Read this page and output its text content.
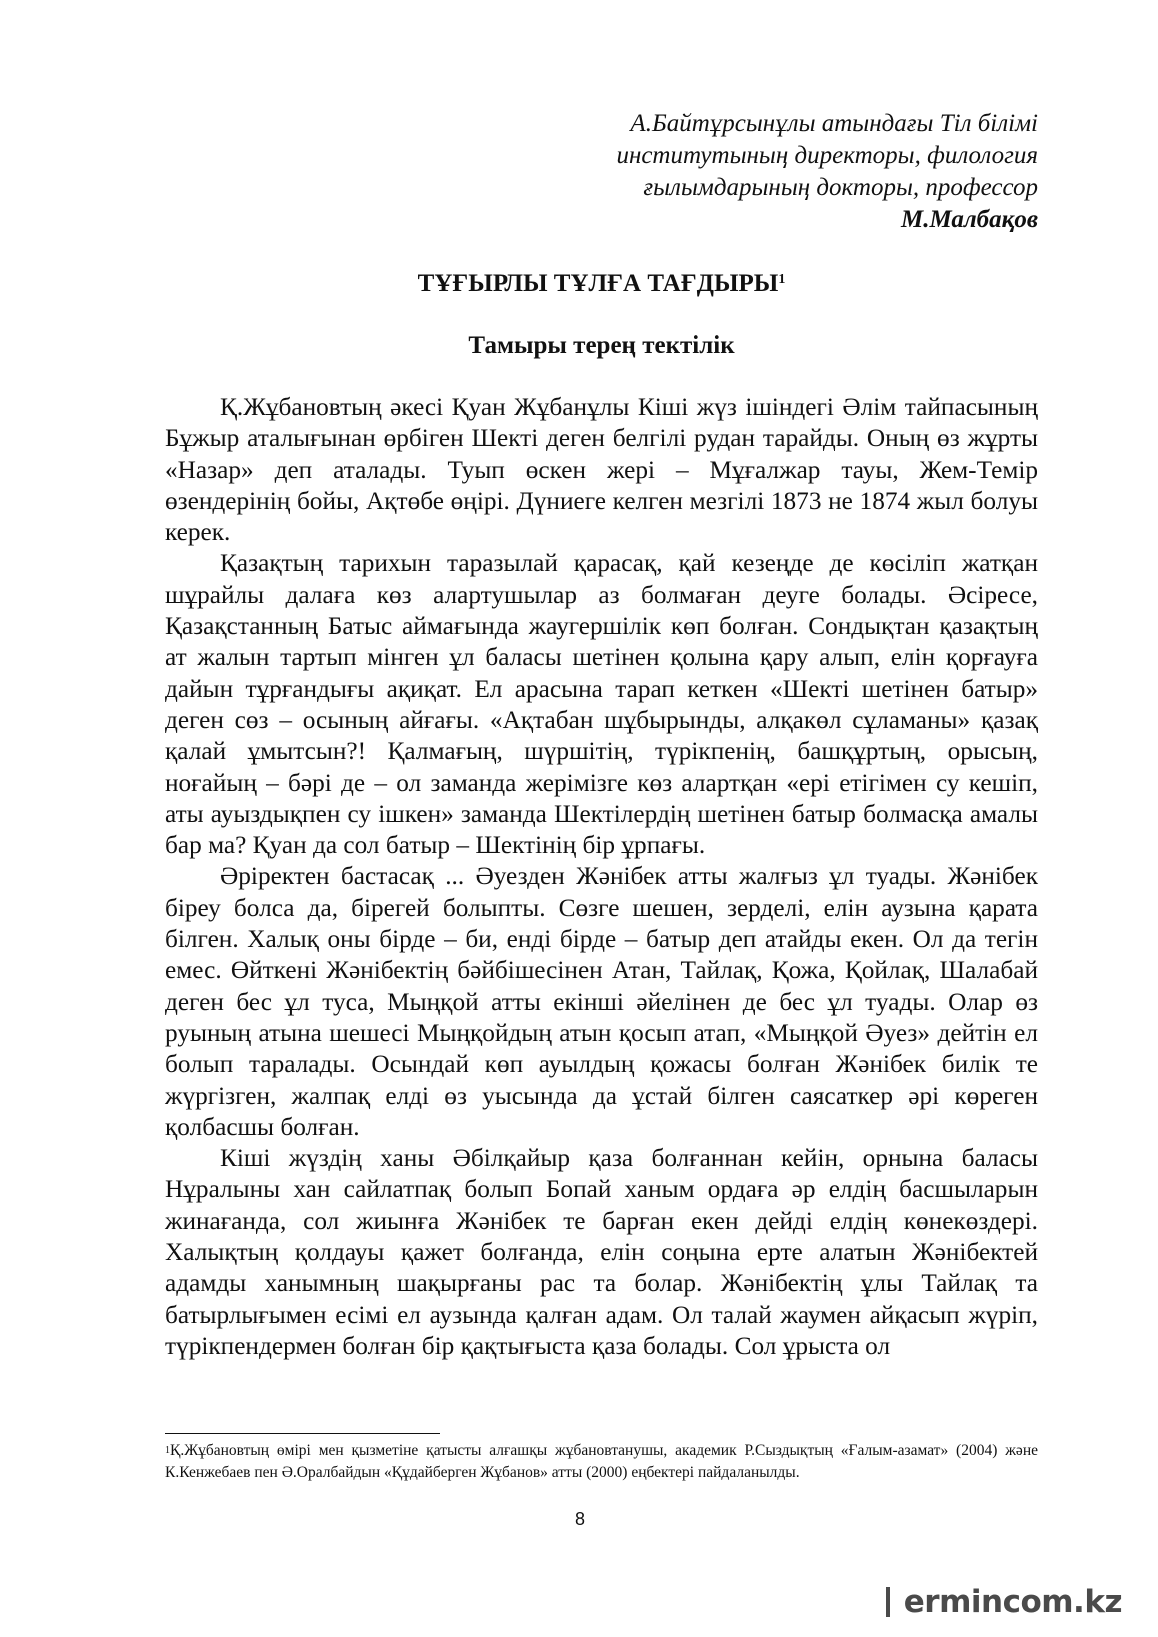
А.Байтұрсынұлы атындағы Тіл білімі
институтының директоры, филология
ғылымдарының докторы, профессор
М.Малбақов
ТҰҒЫРЛЫ ТҰЛҒА ТАҒДЫРЫ$^1$
Тамыры терең тектілік

Қ.Жұбановтың әкесі Қуан Жұбанұлы Кіші жүз ішіндегі Әлім тайпасының Бұжыр аталығынан өрбіген Шекті деген белгілі рудан тарайды. Оның өз жұрты «Назар» деп аталады. Туып өскен жері – Мұғалжар тауы, Жем-Темір өзендерінің бойы, Ақтөбе өңірі. Дүниеге келген мезгілі 1873 не 1874 жыл болуы керек.

Қазақтың тарихын таразылай қарасақ, қай кезеңде де көсіліп жатқан шұрайлы далаға көз алартушылар аз болмаған деуге болады. Әсіресе, Қазақстанның Батыс аймағында жаугершілік көп болған. Сондықтан қазақтың ат жалын тартып мінген ұл баласы шетінен қолына қару алып, елін қорғауға дайын тұрғандығы ақиқат. Ел арасына тарап кеткен «Шекті шетінен батыр» деген сөз – осының айғағы. «Ақтабан шұбырынды, алқакөл сұламаны» қазақ қалай ұмытсын?! Қалмағың, шүршітің, түрікпенің, башқұртың, орысың, ноғайың – бәрі де – ол заманда жерімізге көз алартқан «ері етігімен су кешіп, аты ауыздықпен су ішкен» заманда Шектілердің шетінен батыр болмасқа амалы бар ма? Қуан да сол батыр – Шектінің бір ұрпағы.

Әріректен бастасақ ... Әуезден Жәнібек атты жалғыз ұл туады. Жәнібек біреу болса да, бірегей болыпты. Сөзге шешен, зерделі, елін аузына қарата білген. Халық оны бірде – би, енді бірде – батыр деп атайды екен. Ол да тегін емес. Өйткені Жәнібектің бәйбішесінен Атан, Тайлақ, Қожа, Қойлақ, Шалабай деген бес ұл туса, Мыңқой атты екінші әйелінен де бес ұл туады. Олар өз руының атына шешесі Мыңқойдың атын қосып атап, «Мыңқой Әуез» дейтін ел болып таралады. Осындай көп ауылдың қожасы болған Жәнібек билік те жүргізген, жалпақ елді өз уысында да ұстай білген саясаткер әрі көреген қолбасшы болған.

Кіші жүздің ханы Әбілқайыр қаза болғаннан кейін, орнына баласы Нұралыны хан сайлатпақ болып Бопай ханым ордаға әр елдің басшыларын жинағанда, сол жиынға Жәнібек те барған екен дейді елдің көнекөздері. Халықтың қолдауы қажет болғанда, елін соңына ерте алатын Жәнібектей адамды ханымның шақырғаны рас та болар. Жәнібектің ұлы Тайлақ та батырлығымен есімі ел аузында қалған адам. Ол талай жаумен айқасып жүріп, түрікпендермен болған бір қақтығыста қаза болады. Сол ұрыста ол

$^1$Қ.Жұбановтың өмірі мен қызметіне қатысты алғашқы жұбановтанушы, академик Р.Сыздықтың «Ғалым-азамат» (2004) және К.Кенжебаев пен Ә.Оралбайдын «Құдайберген Жұбанов» атты (2000) еңбектері пайдаланылды.
8
ermincom.kz
